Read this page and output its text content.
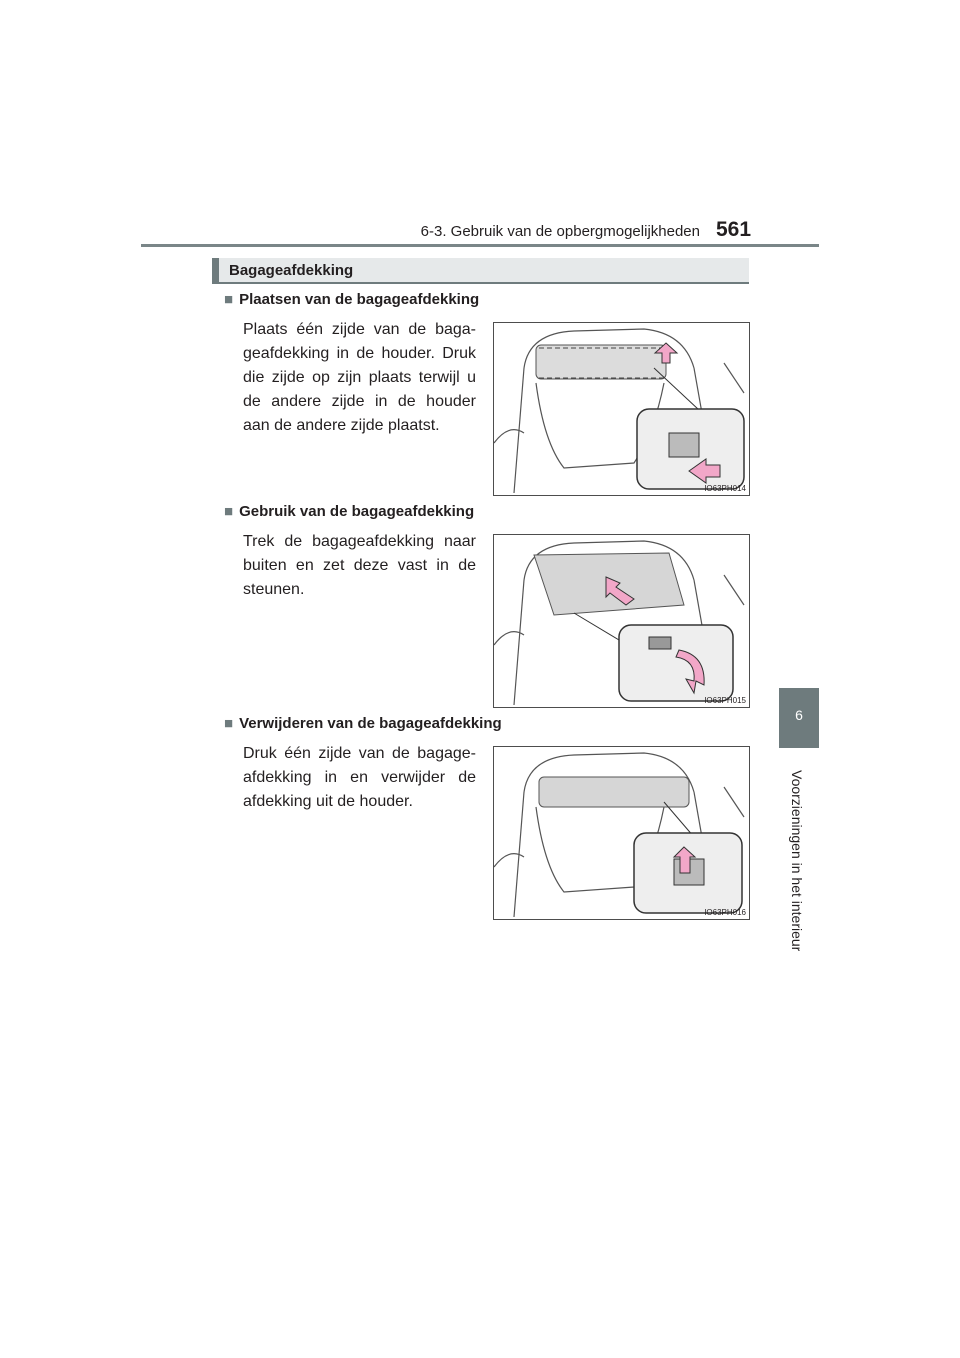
6-3. Gebruik van de opbergmogelijkheden 561
6
Voorzieningen in het interieur
Bagageafdekking
■ Plaatsen van de bagageafdekking
Plaats één zijde van de baga-geafdekking in de houder. Druk die zijde op zijn plaats terwijl u de andere zijde in de houder aan de andere zijde plaatst.
IO63PH014
■ Gebruik van de bagageafdekking
Trek de bagageafdekking naar buiten en zet deze vast in de steunen.
IO63PH015
■ Verwijderen van de bagageafdekking
Druk één zijde van de bagage-afdekking in en verwijder de afdekking uit de houder.
IO63PH016
